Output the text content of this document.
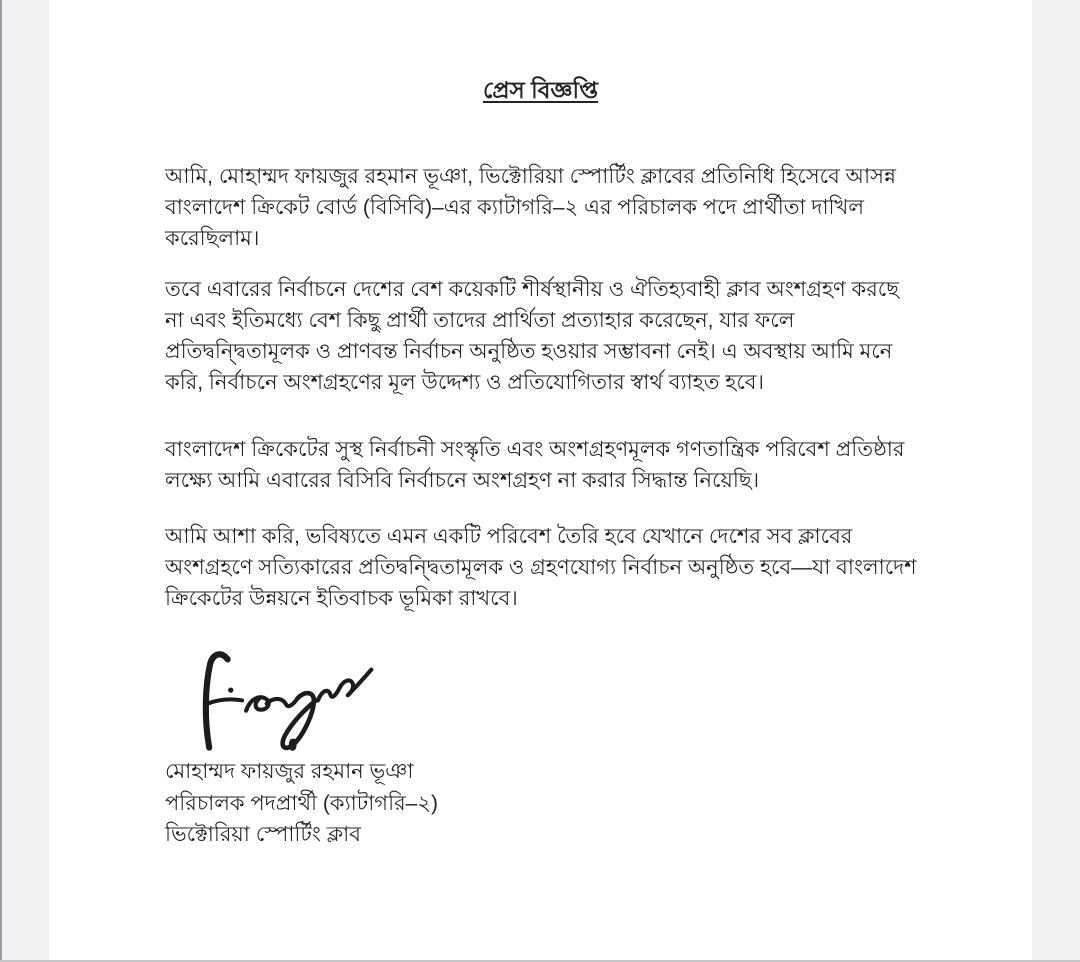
প্রেস বিজ্ঞপ্তি
আমি, মোহাম্মদ ফায়জুর রহমান ভূঞা, ভিক্টোরিয়া স্পোর্টিং ক্লাবের প্রতিনিধি হিসেবে আসন্ন
বাংলাদেশ ক্রিকেট বোর্ড (বিসিবি)–এর ক্যাটাগরি–২ এর পরিচালক পদে প্রার্থীতা দাখিল
করেছিলাম।
তবে এবারের নির্বাচনে দেশের বেশ কয়েকটি শীর্ষস্থানীয় ও ঐতিহ্যবাহী ক্লাব অংশগ্রহণ করছে
না এবং ইতিমধ্যে বেশ কিছু প্রার্থী তাদের প্রার্থিতা প্রত্যাহার করেছেন, যার ফলে
প্রতিদ্বন্দ্বিতামূলক ও প্রাণবন্ত নির্বাচন অনুষ্ঠিত হওয়ার সম্ভাবনা নেই। এ অবস্থায় আমি মনে
করি, নির্বাচনে অংশগ্রহণের মূল উদ্দেশ্য ও প্রতিযোগিতার স্বার্থ ব্যাহত হবে।
বাংলাদেশ ক্রিকেটের সুস্থ নির্বাচনী সংস্কৃতি এবং অংশগ্রহণমূলক গণতান্ত্রিক পরিবেশ প্রতিষ্ঠার
লক্ষ্যে আমি এবারের বিসিবি নির্বাচনে অংশগ্রহণ না করার সিদ্ধান্ত নিয়েছি।
আমি আশা করি, ভবিষ্যতে এমন একটি পরিবেশ তৈরি হবে যেখানে দেশের সব ক্লাবের
অংশগ্রহণে সত্যিকারের প্রতিদ্বন্দ্বিতামূলক ও গ্রহণযোগ্য নির্বাচন অনুষ্ঠিত হবে—যা বাংলাদেশ
ক্রিকেটের উন্নয়নে ইতিবাচক ভূমিকা রাখবে।
মোহাম্মদ ফায়জুর রহমান ভূঞা
পরিচালক পদপ্রার্থী (ক্যাটাগরি–২)
ভিক্টোরিয়া স্পোর্টিং ক্লাব
